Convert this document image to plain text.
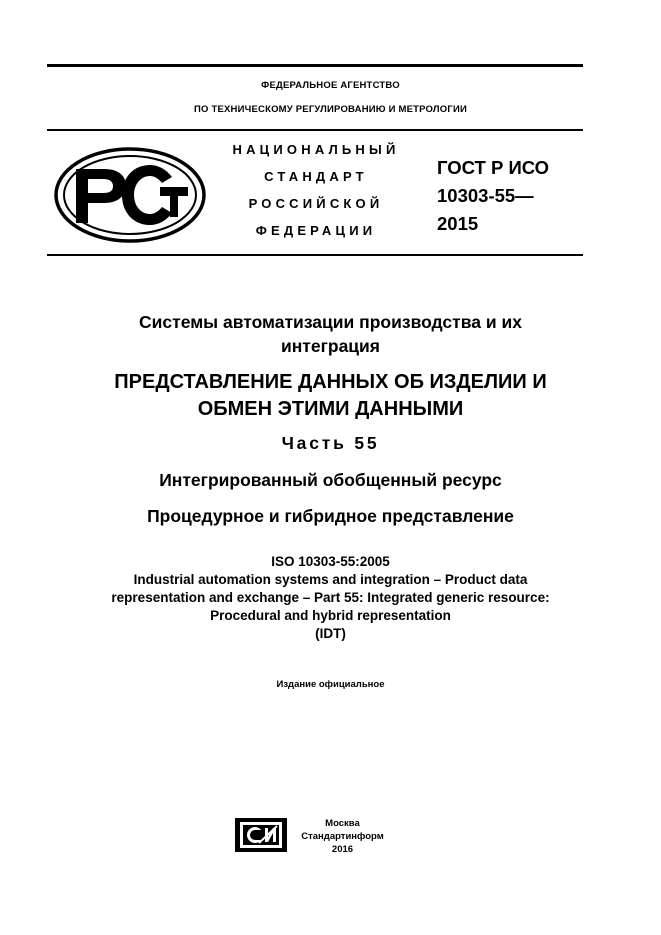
ФЕДЕРАЛЬНОЕ АГЕНТСТВО
ПО ТЕХНИЧЕСКОМУ РЕГУЛИРОВАНИЮ И МЕТРОЛОГИИ
НАЦИОНАЛЬНЫЙ
СТАНДАРТ
РОССИЙСКОЙ
ФЕДЕРАЦИИ
ГОСТ Р ИСО
10303-55—
2015
Системы автоматизации производства и их интеграция
ПРЕДСТАВЛЕНИЕ ДАННЫХ ОБ ИЗДЕЛИИ И ОБМЕН ЭТИМИ ДАННЫМИ
Часть 55
Интегрированный обобщенный ресурс
Процедурное и гибридное представление
ISO 10303-55:2005
Industrial automation systems and integration – Product data
representation and exchange – Part 55: Integrated generic resource:
Procedural and hybrid representation
(IDT)
Издание официальное
Москва
Стандартинформ
2016
